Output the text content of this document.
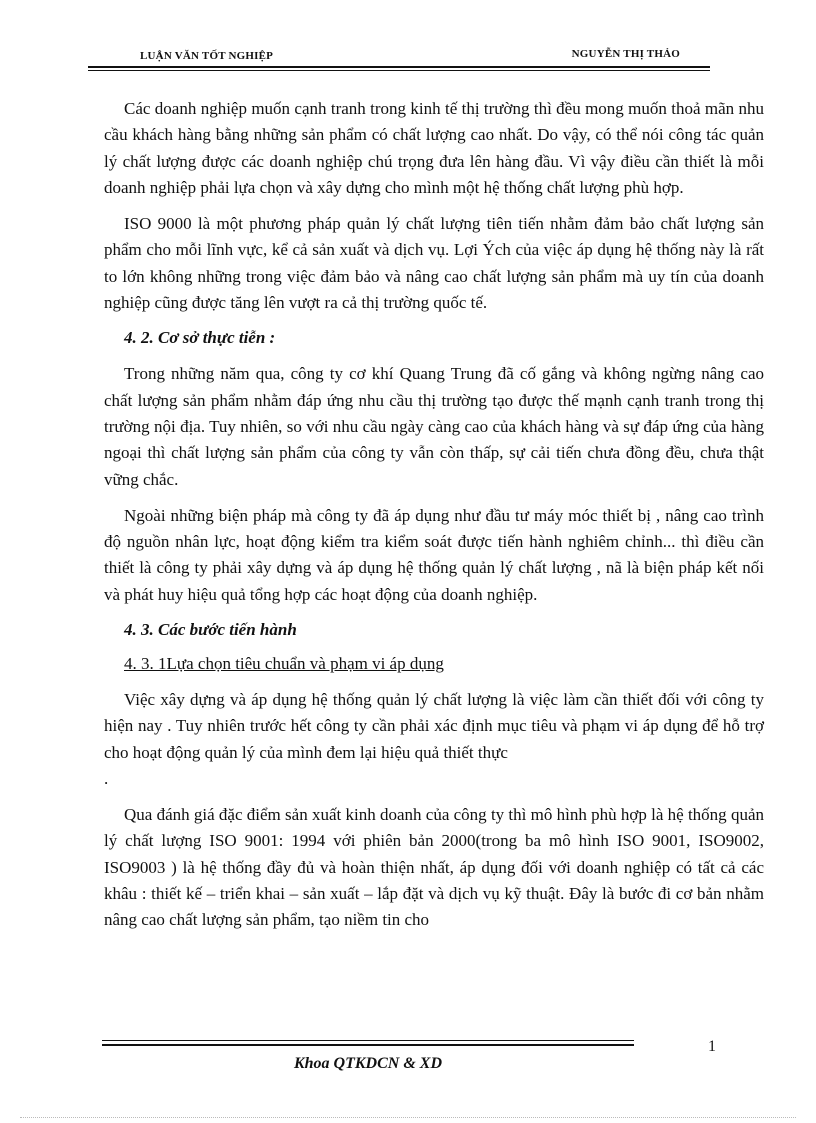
LUẬN VĂN TỐT NGHIỆP	NGUYỄN THỊ THẢO

Các doanh nghiệp muốn cạnh tranh trong kinh tế thị trường thì đều mong muốn thoả mãn nhu cầu khách hàng bằng những sản phẩm có chất lượng cao nhất. Do vậy, có thể nói công tác quản lý chất lượng được các doanh nghiệp chú trọng đưa lên hàng đầu. Vì vậy điều cần thiết là mỗi doanh nghiệp phải lựa chọn và xây dựng cho mình một hệ thống chất lượng phù hợp.

ISO 9000 là một phương pháp quản lý chất lượng tiên tiến nhằm đảm bảo chất lượng sản phẩm cho mỗi lĩnh vực, kể cả sản xuất và dịch vụ. Lợi Ých của việc áp dụng hệ thống này là rất to lớn không những trong việc đảm bảo và nâng cao chất lượng sản phẩm mà uy tín của doanh nghiệp cũng được tăng lên vượt ra cả thị trường quốc tế.

4. 2. Cơ sở thực tiễn :

Trong những năm qua, công ty cơ khí Quang Trung đã cố gắng và không ngừng nâng cao chất lượng sản phẩm nhằm đáp ứng nhu cầu thị trường tạo được thế mạnh cạnh tranh trong thị trường nội địa. Tuy nhiên, so với nhu cầu ngày càng cao của khách hàng và sự đáp ứng của hàng ngoại thì chất lượng sản phẩm của công ty vẫn còn thấp, sự cải tiến chưa đồng đều, chưa thật vững chắc.

Ngoài những biện pháp mà công ty đã áp dụng như đầu tư máy móc thiết bị , nâng cao trình độ nguồn nhân lực, hoạt động kiểm tra kiểm soát được tiến hành nghiêm chỉnh... thì điều cần thiết là công ty phải xây dựng và áp dụng hệ thống quản lý chất lượng , nã là biện pháp kết nối và phát huy hiệu quả tổng hợp các hoạt động của doanh nghiệp.

4. 3. Các bước tiến hành
4. 3. 1Lựa chọn tiêu chuẩn và phạm vi áp dụng

Việc xây dựng và áp dụng hệ thống quản lý chất lượng là việc làm cần thiết đối với công ty hiện nay . Tuy nhiên trước hết công ty cần phải xác định mục tiêu và phạm vi áp dụng để hỗ trợ cho hoạt động quản lý của mình đem lại hiệu quả thiết thực

.

Qua đánh giá đặc điểm sản xuất kinh doanh của công ty thì mô hình phù hợp là hệ thống quản lý chất lượng ISO 9001: 1994 với phiên bản 2000(trong ba mô hình ISO 9001, ISO9002, ISO9003 ) là hệ thống đầy đủ và hoàn thiện nhất, áp dụng đối với doanh nghiệp có tất cả các khâu : thiết kế – triển khai – sản xuất – lắp đặt và dịch vụ kỹ thuật. Đây là bước đi cơ bản nhằm nâng cao chất lượng sản phẩm, tạo niềm tin cho

1
Khoa QTKDCN & XD
